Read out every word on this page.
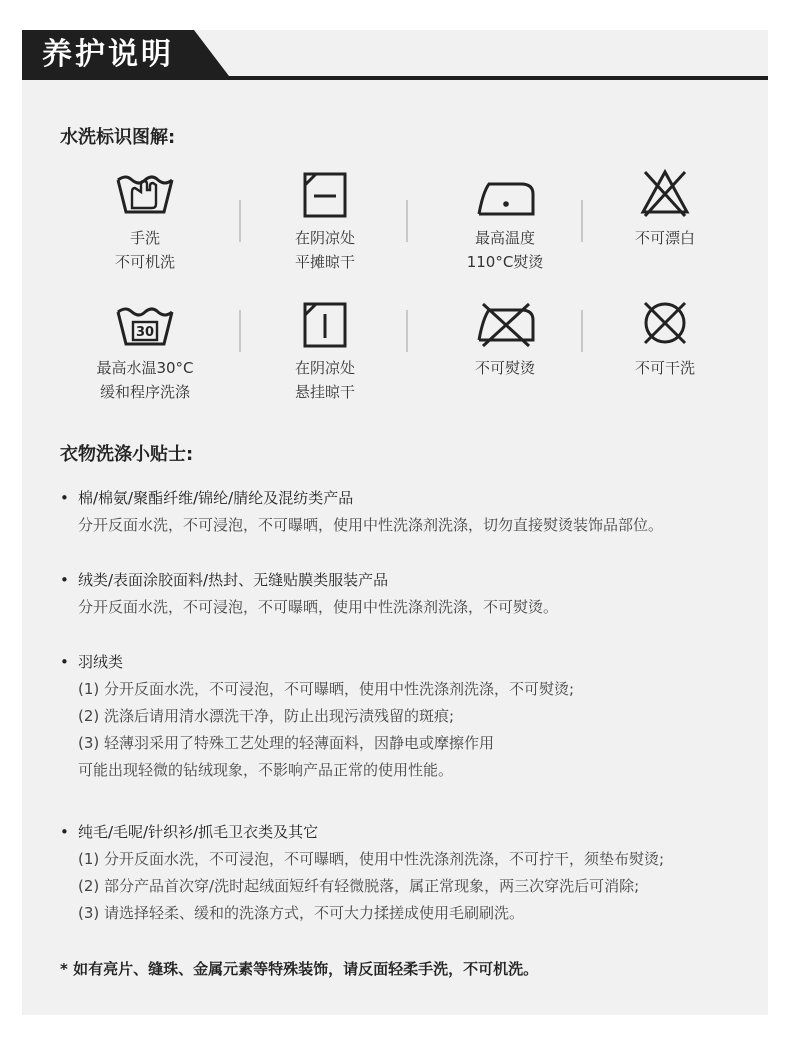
养护说明
水洗标识图解:
手洗
不可机洗
在阴凉处
平摊晾干
最高温度
110°C熨烫
不可漂白
30
最高水温30°C
缓和程序洗涤
在阴凉处
悬挂晾干
不可熨烫	不可干洗
衣物洗涤小贴士:
• 棉/棉氨/聚酯纤维/锦纶/腈纶及混纺类产品
分开反面水洗，不可浸泡，不可曝晒，使用中性洗涤剂洗涤，切勿直接熨烫装饰品部位。
• 绒类/表面涂胶面料/热封、无缝贴膜类服装产品
分开反面水洗，不可浸泡，不可曝晒，使用中性洗涤剂洗涤，不可熨烫。
• 羽绒类
(1) 分开反面水洗，不可浸泡，不可曝晒，使用中性洗涤剂洗涤，不可熨烫;
(2) 洗涤后请用清水漂洗干净，防止出现污渍残留的斑痕;
(3) 轻薄羽采用了特殊工艺处理的轻薄面料，因静电或摩擦作用
可能出现轻微的钻绒现象，不影响产品正常的使用性能。
• 纯毛/毛呢/针织衫/抓毛卫衣类及其它
(1) 分开反面水洗，不可浸泡，不可曝晒，使用中性洗涤剂洗涤，不可拧干，须垫布熨烫;
(2) 部分产品首次穿/洗时起绒面短纤有轻微脱落，属正常现象，两三次穿洗后可消除;
(3) 请选择轻柔、缓和的洗涤方式，不可大力揉搓成使用毛刷刷洗。
* 如有亮片、缝珠、金属元素等特殊装饰，请反面轻柔手洗，不可机洗。
